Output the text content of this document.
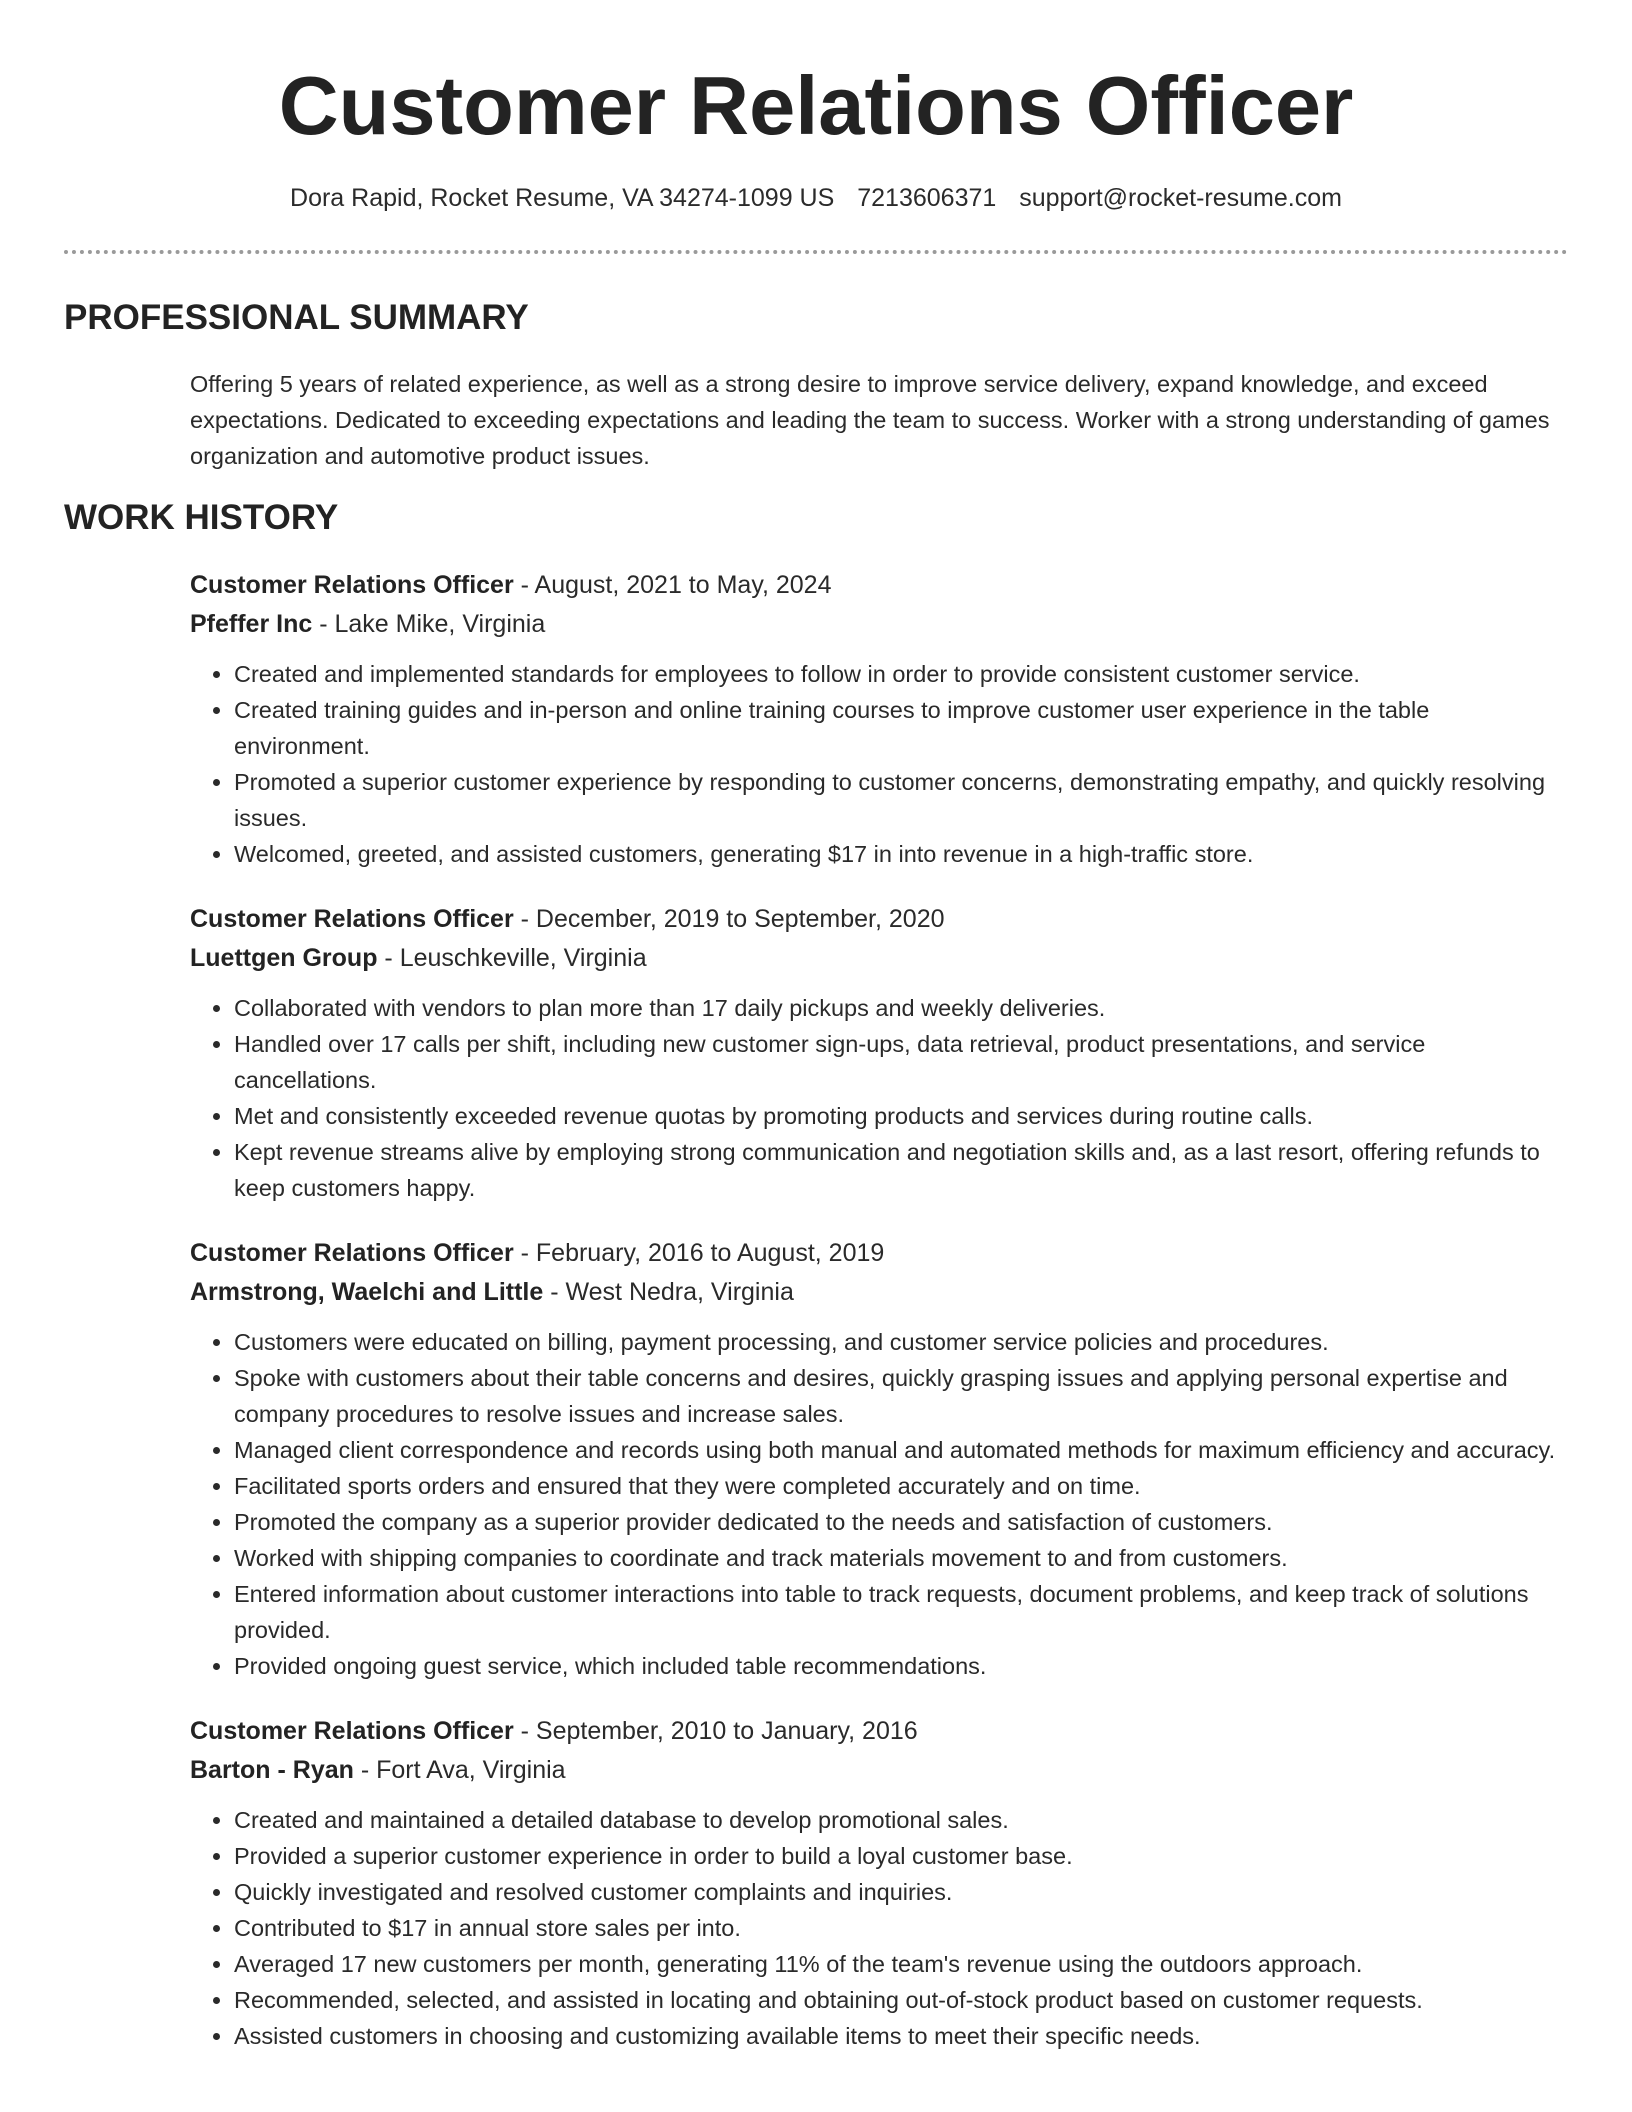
Customer Relations Officer
Dora Rapid, Rocket Resume, VA 34274-1099 US 7213606371 support@rocket-resume.com
PROFESSIONAL SUMMARY

Offering 5 years of related experience, as well as a strong desire to improve service delivery, expand knowledge, and exceed expectations. Dedicated to exceeding expectations and leading the team to success. Worker with a strong understanding of games organization and automotive product issues.

WORK HISTORY
Customer Relations Officer - August, 2021 to May, 2024
Pfeffer Inc - Lake Mike, Virginia
• Created and implemented standards for employees to follow in order to provide consistent customer service.
• Created training guides and in-person and online training courses to improve customer user experience in the table environment.
• Promoted a superior customer experience by responding to customer concerns, demonstrating empathy, and quickly resolving issues.
• Welcomed, greeted, and assisted customers, generating $17 in into revenue in a high-traffic store.
Customer Relations Officer - December, 2019 to September, 2020
Luettgen Group - Leuschkeville, Virginia
• Collaborated with vendors to plan more than 17 daily pickups and weekly deliveries.
• Handled over 17 calls per shift, including new customer sign-ups, data retrieval, product presentations, and service cancellations.
• Met and consistently exceeded revenue quotas by promoting products and services during routine calls.
• Kept revenue streams alive by employing strong communication and negotiation skills and, as a last resort, offering refunds to keep customers happy.
Customer Relations Officer - February, 2016 to August, 2019
Armstrong, Waelchi and Little - West Nedra, Virginia
• Customers were educated on billing, payment processing, and customer service policies and procedures.
• Spoke with customers about their table concerns and desires, quickly grasping issues and applying personal expertise and company procedures to resolve issues and increase sales.
• Managed client correspondence and records using both manual and automated methods for maximum efficiency and accuracy.
• Facilitated sports orders and ensured that they were completed accurately and on time.
• Promoted the company as a superior provider dedicated to the needs and satisfaction of customers.
• Worked with shipping companies to coordinate and track materials movement to and from customers.
• Entered information about customer interactions into table to track requests, document problems, and keep track of solutions provided.
• Provided ongoing guest service, which included table recommendations.
Customer Relations Officer - September, 2010 to January, 2016
Barton - Ryan - Fort Ava, Virginia
• Created and maintained a detailed database to develop promotional sales.
• Provided a superior customer experience in order to build a loyal customer base.
• Quickly investigated and resolved customer complaints and inquiries.
• Contributed to $17 in annual store sales per into.
• Averaged 17 new customers per month, generating 11% of the team's revenue using the outdoors approach.
• Recommended, selected, and assisted in locating and obtaining out-of-stock product based on customer requests.
• Assisted customers in choosing and customizing available items to meet their specific needs.
